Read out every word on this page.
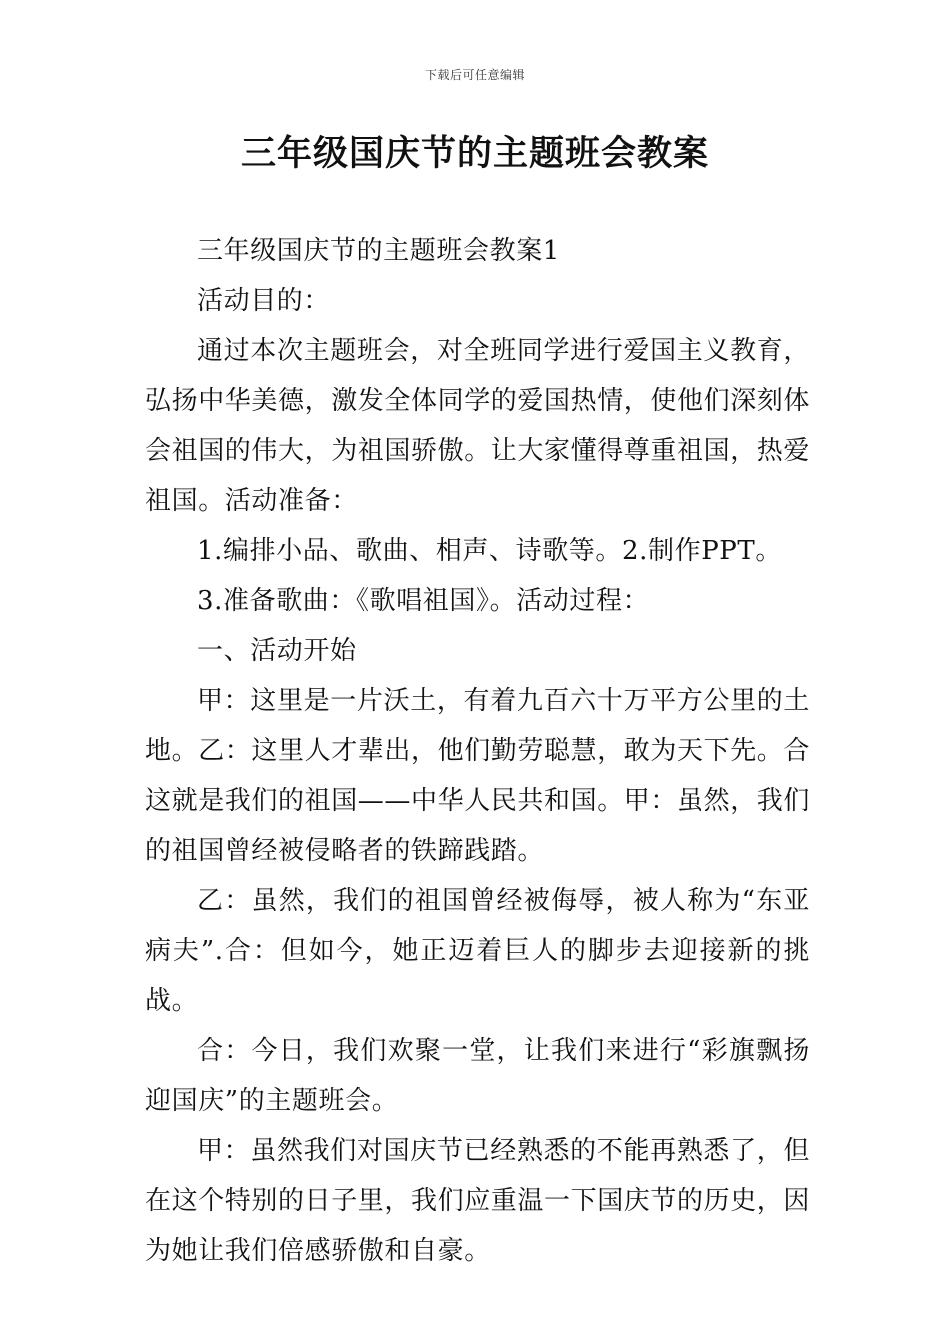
下载后可任意编辑
三年级国庆节的主题班会教案

三年级国庆节的主题班会教案1

活动目的：

通过本次主题班会，对全班同学进行爱国主义教育，弘扬中华美德，激发全体同学的爱国热情，使他们深刻体会祖国的伟大，为祖国骄傲。让大家懂得尊重祖国，热爱祖国。活动准备：

1.编排小品、歌曲、相声、诗歌等。2.制作PPT。

3.准备歌曲：《歌唱祖国》。活动过程：

一、活动开始

甲：这里是一片沃土，有着九百六十万平方公里的土地。乙：这里人才辈出，他们勤劳聪慧，敢为天下先。合这就是我们的祖国——中华人民共和国。甲：虽然，我们的祖国曾经被侵略者的铁蹄践踏。

乙：虽然，我们的祖国曾经被侮辱，被人称为“东亚病夫”.合：但如今，她正迈着巨人的脚步去迎接新的挑战。

合：今日，我们欢聚一堂，让我们来进行“彩旗飘扬迎国庆”的主题班会。

甲：虽然我们对国庆节已经熟悉的不能再熟悉了，但在这个特别的日子里，我们应重温一下国庆节的历史，因为她让我们倍感骄傲和自豪。
